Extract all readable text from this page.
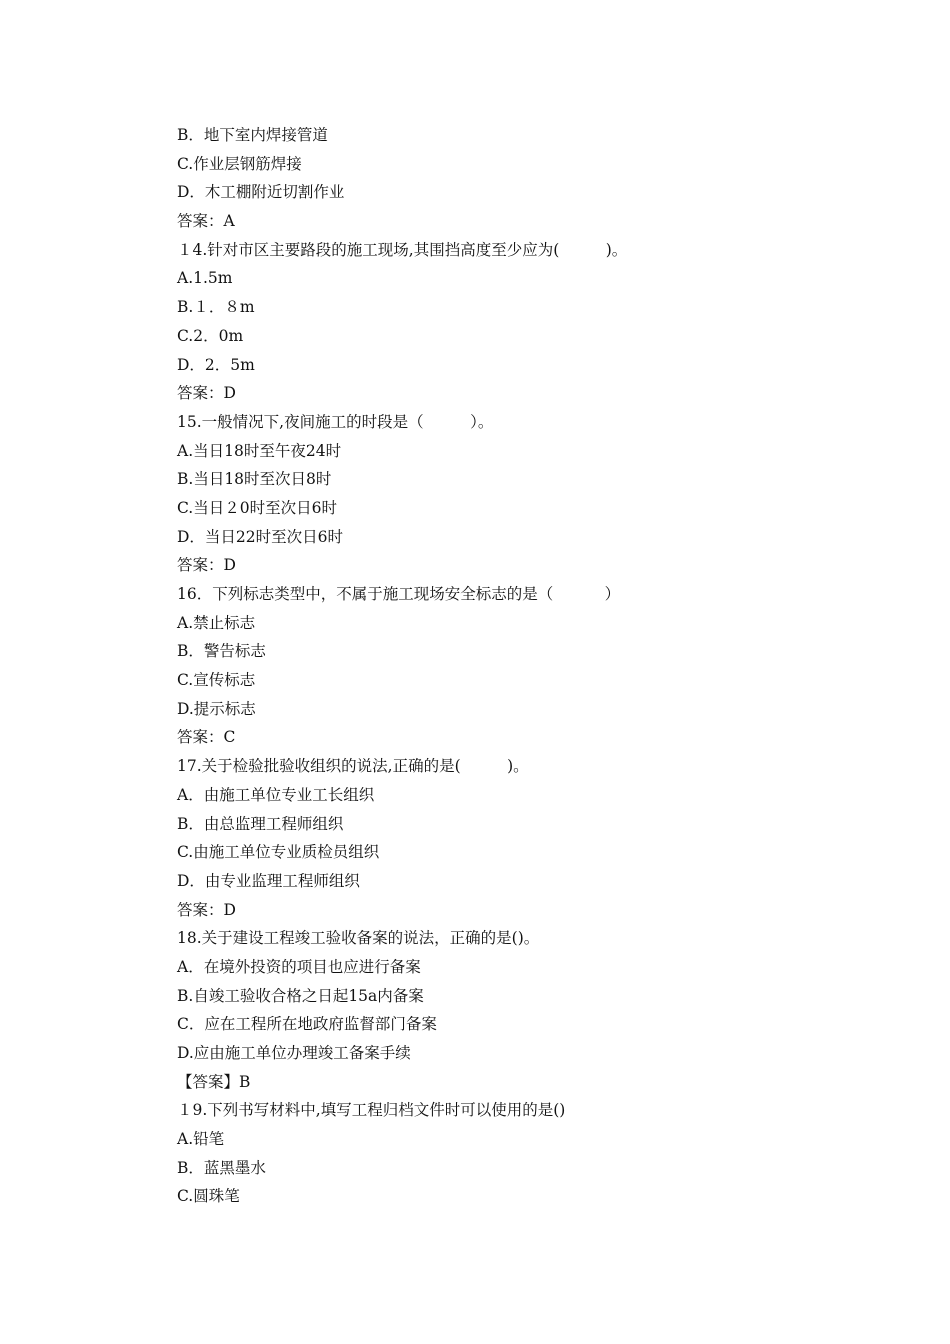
B．地下室内焊接管道
C.作业层钢筋焊接
D．木工棚附近切割作业
答案：A
１4.针对市区主要路段的施工现场,其围挡高度至少应为(　　　)。
A.1.5m
B.１．８m
C.2．0m
D．2．5m
答案：D
15.一般情况下,夜间施工的时段是（　　　）。
A.当日18时至午夜24时
B.当日18时至次日8时
C.当日２0时至次日6时
D．当日22时至次日6时
答案：D
16．下列标志类型中，不属于施工现场安全标志的是（　　　 ）
A.禁止标志
B．警告标志
C.宣传标志
D.提示标志
答案：C
17.关于检验批验收组织的说法,正确的是(　　　)。
A．由施工单位专业工长组织
B．由总监理工程师组织
C.由施工单位专业质检员组织
D．由专业监理工程师组织
答案：D
18.关于建设工程竣工验收备案的说法，正确的是()。
A．在境外投资的项目也应进行备案
B.自竣工验收合格之日起15a内备案
C．应在工程所在地政府监督部门备案
D.应由施工单位办理竣工备案手续
【答案】B
１9.下列书写材料中,填写工程归档文件时可以使用的是()
A.铅笔
B．蓝黑墨水
C.圆珠笔
